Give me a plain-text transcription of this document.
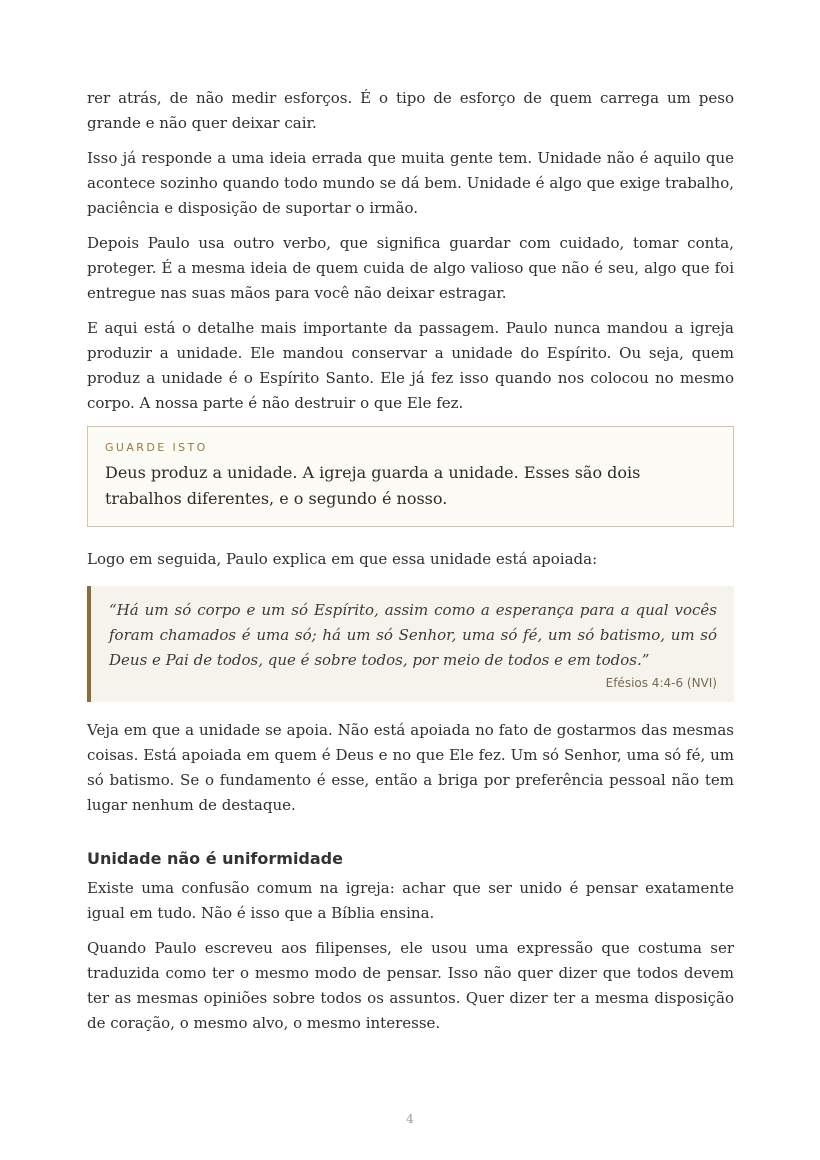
rer atrás, de não medir esforços. É o tipo de esforço de quem carrega um peso grande e não quer deixar cair.

Isso já responde a uma ideia errada que muita gente tem. Unidade não é aquilo que acontece sozinho quando todo mundo se dá bem. Unidade é algo que exige trabalho, paciência e disposição de suportar o irmão.

Depois Paulo usa outro verbo, que significa guardar com cuidado, tomar conta, proteger. É a mesma ideia de quem cuida de algo valioso que não é seu, algo que foi entregue nas suas mãos para você não deixar estragar.

E aqui está o detalhe mais importante da passagem. Paulo nunca mandou a igreja produzir a unidade. Ele mandou conservar a unidade do Espírito. Ou seja, quem produz a unidade é o Espírito Santo. Ele já fez isso quando nos colocou no mesmo corpo. A nossa parte é não destruir o que Ele fez.

GUARDE ISTO

Deus produz a unidade. A igreja guarda a unidade. Esses são dois trabalhos diferentes, e o segundo é nosso.

Logo em seguida, Paulo explica em que essa unidade está apoiada:

“Há um só corpo e um só Espírito, assim como a esperança para a qual vocês foram chamados é uma só; há um só Senhor, uma só fé, um só batismo, um só Deus e Pai de todos, que é sobre todos, por meio de todos e em todos.”

Efésios 4:4-6 (NVI)

Veja em que a unidade se apoia. Não está apoiada no fato de gostarmos das mesmas coisas. Está apoiada em quem é Deus e no que Ele fez. Um só Senhor, uma só fé, um só batismo. Se o fundamento é esse, então a briga por preferência pessoal não tem lugar nenhum de destaque.

Unidade não é uniformidade

Existe uma confusão comum na igreja: achar que ser unido é pensar exatamente igual em tudo. Não é isso que a Bíblia ensina.

Quando Paulo escreveu aos filipenses, ele usou uma expressão que costuma ser traduzida como ter o mesmo modo de pensar. Isso não quer dizer que todos devem ter as mesmas opiniões sobre todos os assuntos. Quer dizer ter a mesma disposição de coração, o mesmo alvo, o mesmo interesse.

4
